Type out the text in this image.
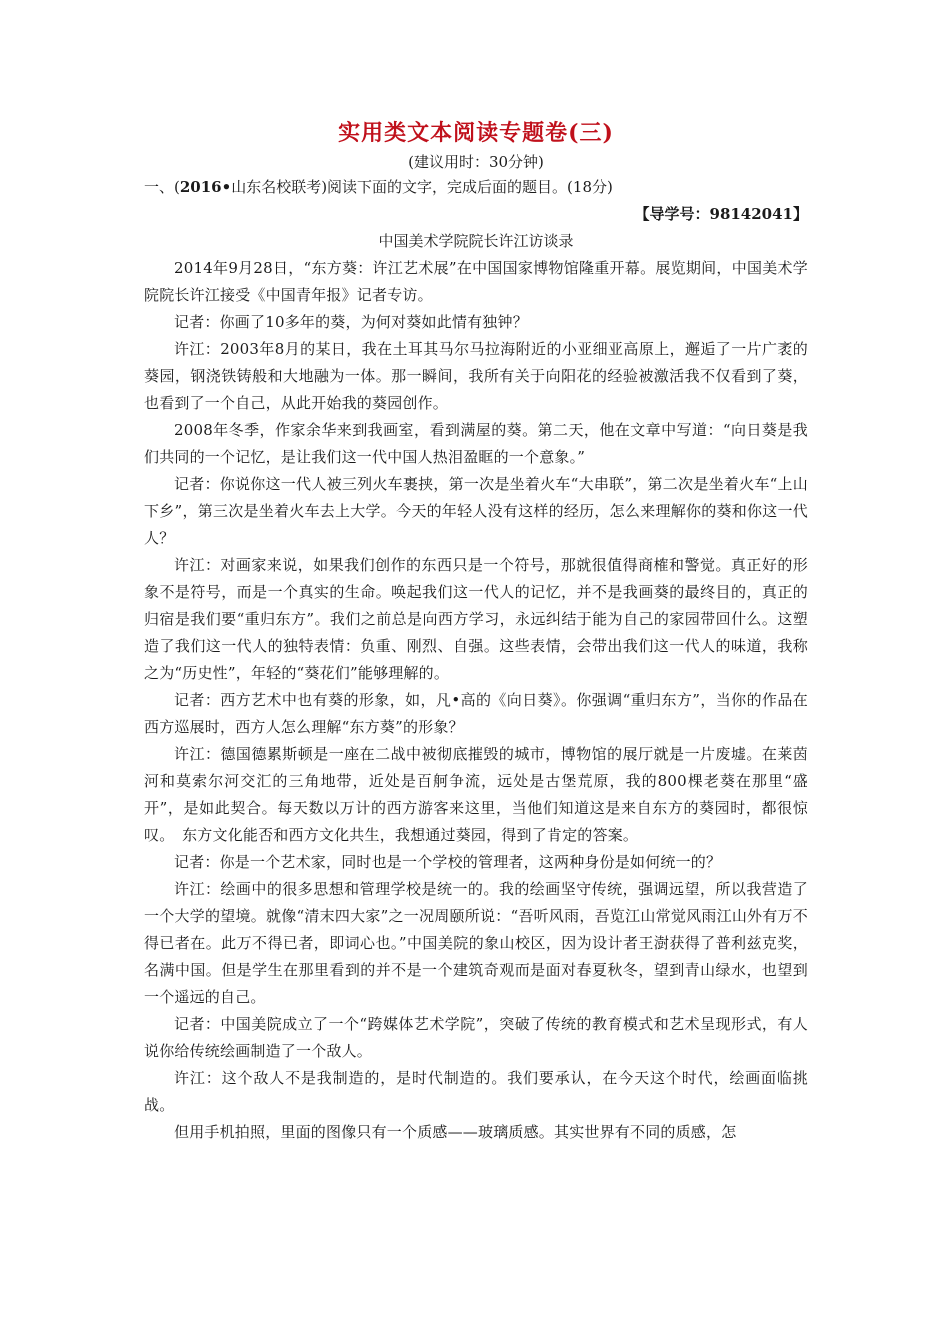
实用类文本阅读专题卷(三)

(建议用时：30分钟)

一、(2016•山东名校联考)阅读下面的文字，完成后面的题目。(18分)

【导学号：98142041】

中国美术学院院长许江访谈录

2014年9月28日，“东方葵：许江艺术展”在中国国家博物馆隆重开幕。展览期间，中国美术学院院长许江接受《中国青年报》记者专访。

记者：你画了10多年的葵，为何对葵如此情有独钟？

许江：2003年8月的某日，我在土耳其马尔马拉海附近的小亚细亚高原上，邂逅了一片广袤的葵园，钢浇铁铸般和大地融为一体。那一瞬间，我所有关于向阳花的经验被激活我不仅看到了葵，也看到了一个自己，从此开始我的葵园创作。

2008年冬季，作家余华来到我画室，看到满屋的葵。第二天，他在文章中写道：“向日葵是我们共同的一个记忆，是让我们这一代中国人热泪盈眶的一个意象。”

记者：你说你这一代人被三列火车裹挟，第一次是坐着火车“大串联”，第二次是坐着火车“上山下乡”，第三次是坐着火车去上大学。今天的年轻人没有这样的经历，怎么来理解你的葵和你这一代人？

许江：对画家来说，如果我们创作的东西只是一个符号，那就很值得商榷和警觉。真正好的形象不是符号，而是一个真实的生命。唤起我们这一代人的记忆，并不是我画葵的最终目的，真正的归宿是我们要“重归东方”。我们之前总是向西方学习，永远纠结于能为自己的家园带回什么。这塑造了我们这一代人的独特表情：负重、刚烈、自强。这些表情，会带出我们这一代人的味道，我称之为“历史性”，年轻的“葵花们”能够理解的。

记者：西方艺术中也有葵的形象，如，凡•高的《向日葵》。你强调“重归东方”，当你的作品在西方巡展时，西方人怎么理解“东方葵”的形象？

许江：德国德累斯顿是一座在二战中被彻底摧毁的城市，博物馆的展厅就是一片废墟。在莱茵河和莫索尔河交汇的三角地带，近处是百舸争流，远处是古堡荒原，我的800棵老葵在那里“盛开”，是如此契合。每天数以万计的西方游客来这里，当他们知道这是来自东方的葵园时，都很惊叹。　东方文化能否和西方文化共生，我想通过葵园，得到了肯定的答案。

记者：你是一个艺术家，同时也是一个学校的管理者，这两种身份是如何统一的？

许江：绘画中的很多思想和管理学校是统一的。我的绘画坚守传统，强调远望，所以我营造了一个大学的望境。就像“清末四大家”之一况周颐所说：“吾听风雨，吾览江山常觉风雨江山外有万不得已者在。此万不得已者，即词心也。”中国美院的象山校区，因为设计者王澍获得了普利兹克奖，名满中国。但是学生在那里看到的并不是一个建筑奇观而是面对春夏秋冬，望到青山绿水，也望到一个遥远的自己。

记者：中国美院成立了一个“跨媒体艺术学院”，突破了传统的教育模式和艺术呈现形式，有人说你给传统绘画制造了一个敌人。

许江：这个敌人不是我制造的，是时代制造的。我们要承认，在今天这个时代，绘画面临挑战。

但用手机拍照，里面的图像只有一个质感——玻璃质感。其实世界有不同的质感，怎
